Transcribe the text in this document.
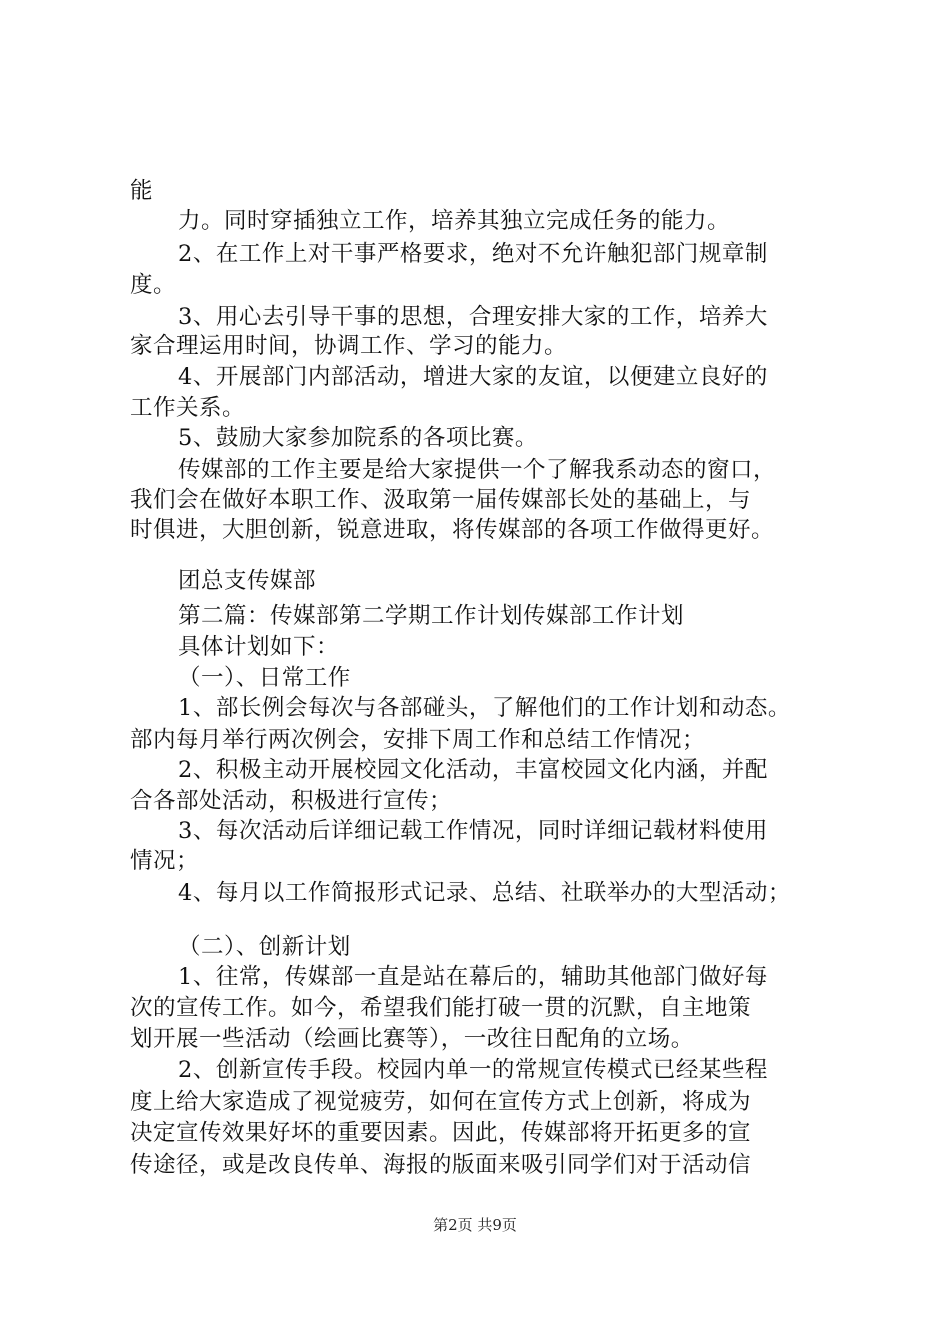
能
力。同时穿插独立工作，培养其独立完成任务的能力。
2、在工作上对干事严格要求，绝对不允许触犯部门规章制
度。
3、用心去引导干事的思想，合理安排大家的工作，培养大
家合理运用时间，协调工作、学习的能力。
4、开展部门内部活动，增进大家的友谊，以便建立良好的
工作关系。
5、鼓励大家参加院系的各项比赛。
传媒部的工作主要是给大家提供一个了解我系动态的窗口，
我们会在做好本职工作、汲取第一届传媒部长处的基础上，与
时俱进，大胆创新，锐意进取，将传媒部的各项工作做得更好。
团总支传媒部
第二篇：传媒部第二学期工作计划传媒部工作计划
具体计划如下：
（一）、日常工作
1、部长例会每次与各部碰头，了解他们的工作计划和动态。
部内每月举行两次例会，安排下周工作和总结工作情况；
2、积极主动开展校园文化活动，丰富校园文化内涵，并配
合各部处活动，积极进行宣传；
3、每次活动后详细记载工作情况，同时详细记载材料使用
情况；
4、每月以工作简报形式记录、总结、社联举办的大型活动；
（二）、创新计划
1、往常，传媒部一直是站在幕后的，辅助其他部门做好每
次的宣传工作。如今，希望我们能打破一贯的沉默，自主地策
划开展一些活动（绘画比赛等），一改往日配角的立场。
2、创新宣传手段。校园内单一的常规宣传模式已经某些程
度上给大家造成了视觉疲劳，如何在宣传方式上创新，将成为
决定宣传效果好坏的重要因素。因此，传媒部将开拓更多的宣
传途径，或是改良传单、海报的版面来吸引同学们对于活动信
第2页 共9页
